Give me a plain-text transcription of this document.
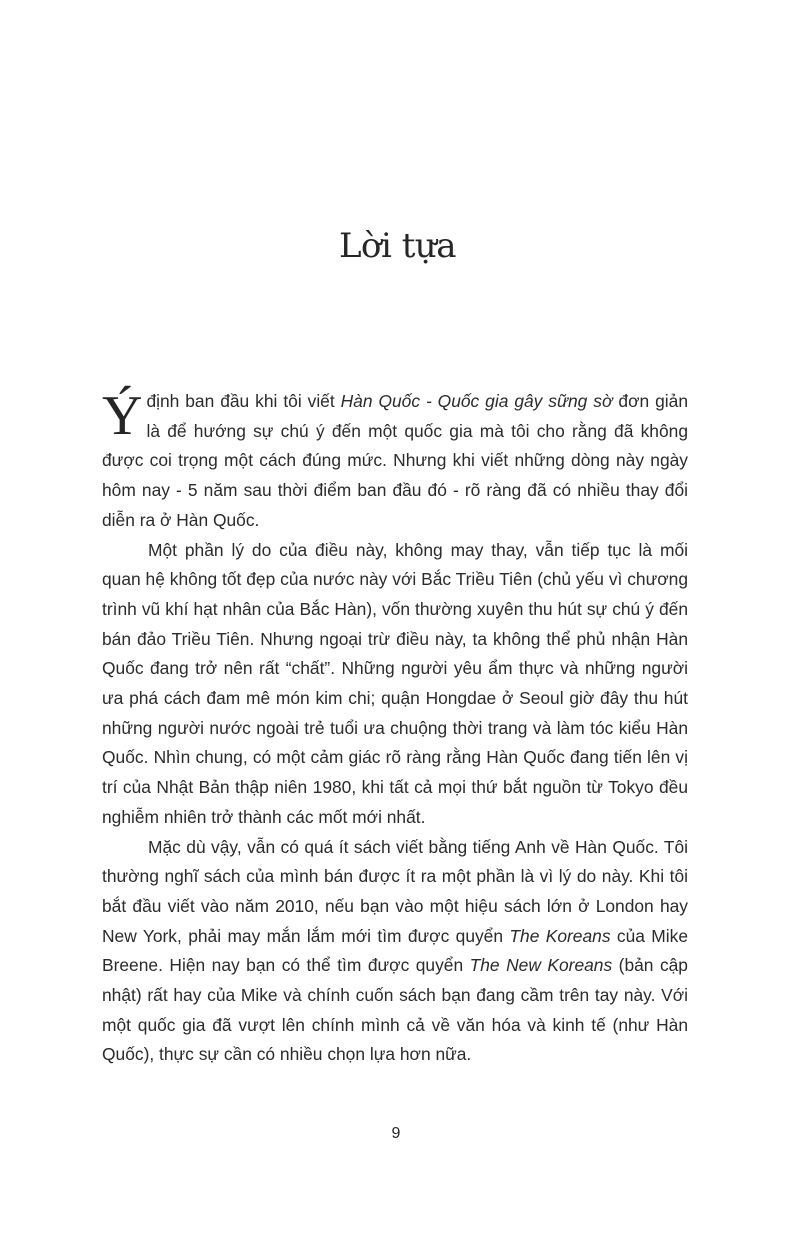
Lời tựa

Ý định ban đầu khi tôi viết Hàn Quốc - Quốc gia gây sững sờ đơn giản là để hướng sự chú ý đến một quốc gia mà tôi cho rằng đã không được coi trọng một cách đúng mức. Nhưng khi viết những dòng này ngày hôm nay - 5 năm sau thời điểm ban đầu đó - rõ ràng đã có nhiều thay đổi diễn ra ở Hàn Quốc.

Một phần lý do của điều này, không may thay, vẫn tiếp tục là mối quan hệ không tốt đẹp của nước này với Bắc Triều Tiên (chủ yếu vì chương trình vũ khí hạt nhân của Bắc Hàn), vốn thường xuyên thu hút sự chú ý đến bán đảo Triều Tiên. Nhưng ngoại trừ điều này, ta không thể phủ nhận Hàn Quốc đang trở nên rất “chất”. Những người yêu ẩm thực và những người ưa phá cách đam mê món kim chi; quận Hongdae ở Seoul giờ đây thu hút những người nước ngoài trẻ tuổi ưa chuộng thời trang và làm tóc kiểu Hàn Quốc. Nhìn chung, có một cảm giác rõ ràng rằng Hàn Quốc đang tiến lên vị trí của Nhật Bản thập niên 1980, khi tất cả mọi thứ bắt nguồn từ Tokyo đều nghiễm nhiên trở thành các mốt mới nhất.

Mặc dù vậy, vẫn có quá ít sách viết bằng tiếng Anh về Hàn Quốc. Tôi thường nghĩ sách của mình bán được ít ra một phần là vì lý do này. Khi tôi bắt đầu viết vào năm 2010, nếu bạn vào một hiệu sách lớn ở London hay New York, phải may mắn lắm mới tìm được quyển The Koreans của Mike Breene. Hiện nay bạn có thể tìm được quyển The New Koreans (bản cập nhật) rất hay của Mike và chính cuốn sách bạn đang cầm trên tay này. Với một quốc gia đã vượt lên chính mình cả về văn hóa và kinh tế (như Hàn Quốc), thực sự cần có nhiều chọn lựa hơn nữa.

9
